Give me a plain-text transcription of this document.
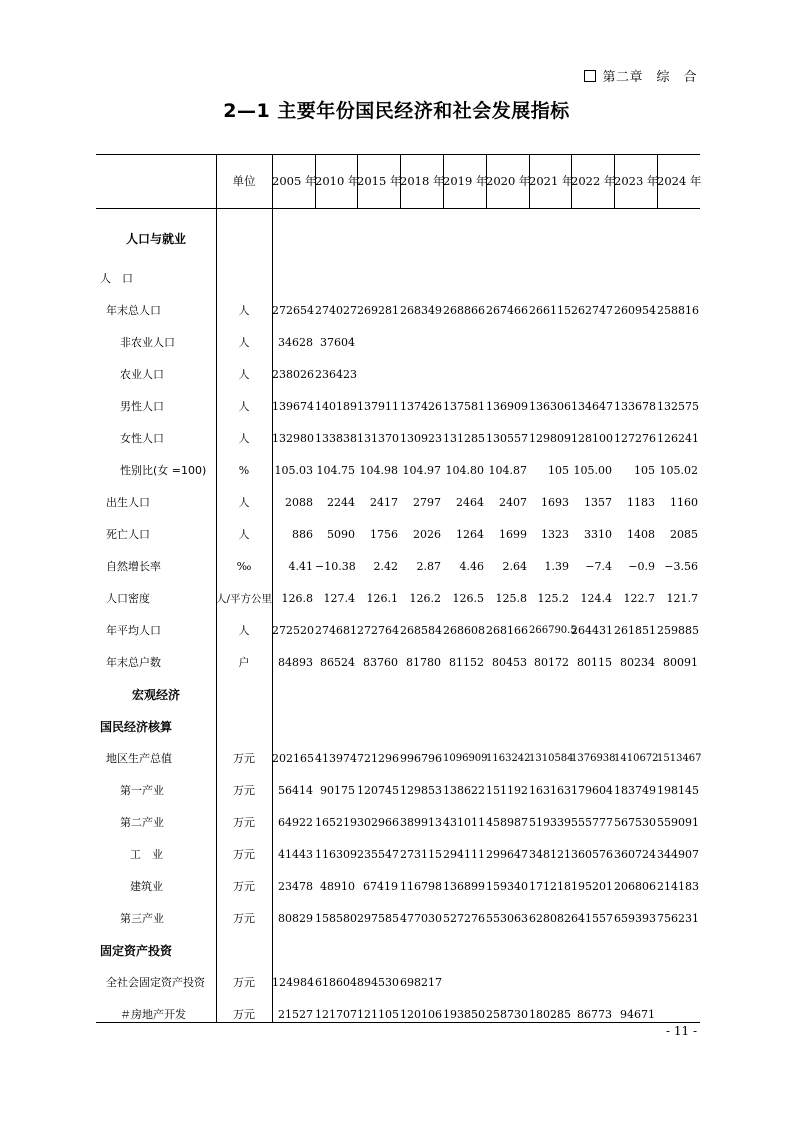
第二章　综　合
2—1 主要年份国民经济和社会发展指标
	单位	2005 年	2010 年	2015 年	2018 年	2019 年	2020 年	2021 年	2022 年	2023 年	2024 年
人口与就业											
人　口											
年末总人口	人	272654	274027	269281	268349	268866	267466	266115	262747	260954	258816
非农业人口	人	34628	37604								
农业人口	人	238026	236423								
男性人口	人	139674	140189	137911	137426	137581	136909	136306	134647	133678	132575
女性人口	人	132980	133838	131370	130923	131285	130557	129809	128100	127276	126241
性别比(女 =100)	%	105.03	104.75	104.98	104.97	104.80	104.87	105	105.00	105	105.02
出生人口	人	2088	2244	2417	2797	2464	2407	1693	1357	1183	1160
死亡人口	人	886	5090	1756	2026	1264	1699	1323	3310	1408	2085
自然增长率	‰	4.41	−10.38	2.42	2.87	4.46	2.64	1.39	−7.4	−0.9	−3.56
人口密度	人/平方公里	126.8	127.4	126.1	126.2	126.5	125.8	125.2	124.4	122.7	121.7
年平均人口	人	272520	274681	272764	268584	268608	268166	266790.5	264431	261851	259885
年末总户数	户	84893	86524	83760	81780	81152	80453	80172	80115	80234	80091
宏观经济											
国民经济核算											
地区生产总值	万元	202165	413974	721296	996796	1096909	1163242	1310584	1376938	1410672	1513467
第一产业	万元	56414	90175	120745	129853	138622	151192	163163	179604	183749	198145
第二产业	万元	64922	165219	302966	389913	431011	458987	519339	555777	567530	559091
工　业	万元	41443	116309	235547	273115	294111	299647	348121	360576	360724	344907
建筑业	万元	23478	48910	67419	116798	136899	159340	171218	195201	206806	214183
第三产业	万元	80829	158580	297585	477030	527276	553063	628082	641557	659393	756231
固定资产投资											
全社会固定资产投资	万元	124984	618604	894530	698217						
＃房地产开发	万元	21527	121707	121105	120106	193850	258730	180285	86773	94671	
- 11 -
